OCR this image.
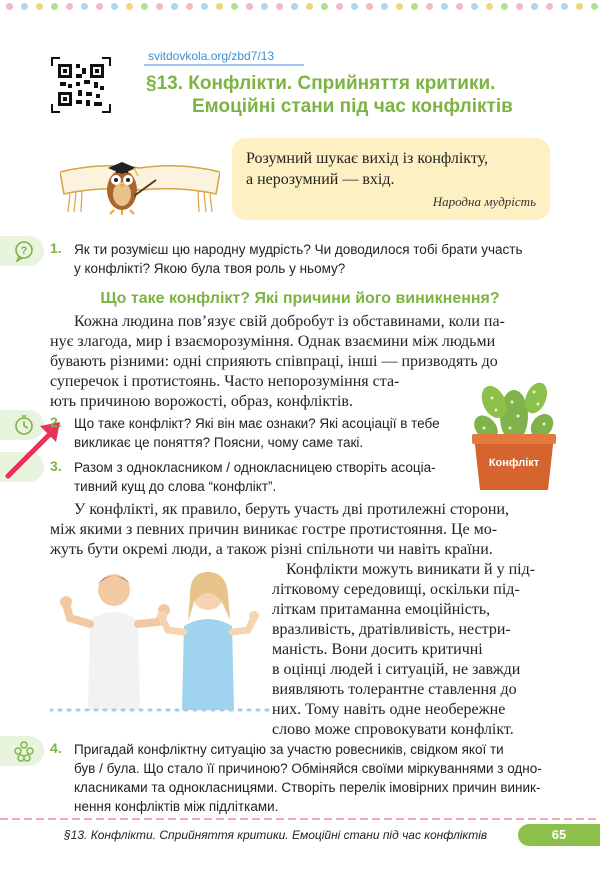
svitdovkola.org/zbd7/13
§13. Конфлікти. Сприйняття критики.
Емоційні стани під час конфліктів
Розумний шукає вихід із конфлікту,
а нерозумний — вхід.
Народна мудрість
? 1. Як ти розумієш цю народну мудрість? Чи доводилося тобі брати участь
у конфлікті? Якою була твоя роль у ньому?
Що таке конфлікт? Які причини його виникнення?
Кожна людина пов’язує свій добробут із обставинами, коли па-
нує злагода, мир і взаєморозуміння. Однак взаємини між людьми
бувають різними: одні сприяють співпраці, інші — призводять до
суперечок і протистоянь. Часто непорозуміння ста-
ють причиною ворожості, образ, конфліктів.
Конфлікт
2. Що таке конфлікт? Які він має ознаки? Які асоціації в тебе
викликає це поняття? Поясни, чому саме такі.
3. Разом з однокласником / однокласницею створіть асоціа-
тивний кущ до слова “конфлікт”.
У конфлікті, як правило, беруть участь дві протилежні сторони,
між якими з певних причин виникає гостре протистояння. Це мо-
жуть бути окремі люди, а також різні спільноти чи навіть країни.
Конфлікти можуть виникати й у під-
літковому середовищі, оскільки під-
літкам притаманна емоційність,
вразливість, дратівливість, нестри-
маність. Вони досить критичні
в оцінці людей і ситуацій, не завжди
виявляють толерантне ставлення до
них. Тому навіть одне необережне
слово може спровокувати конфлікт.
4. Пригадай конфліктну ситуацію за участю ровесників, свідком якої ти
був / була. Що стало її причиною? Обміняйся своїми міркуваннями з одно-
класниками та однокласницями. Створіть перелік імовірних причин виник-
нення конфліктів між підлітками.
§13. Конфлікти. Сприйняття критики. Емоційні стани під час конфліктів	65
